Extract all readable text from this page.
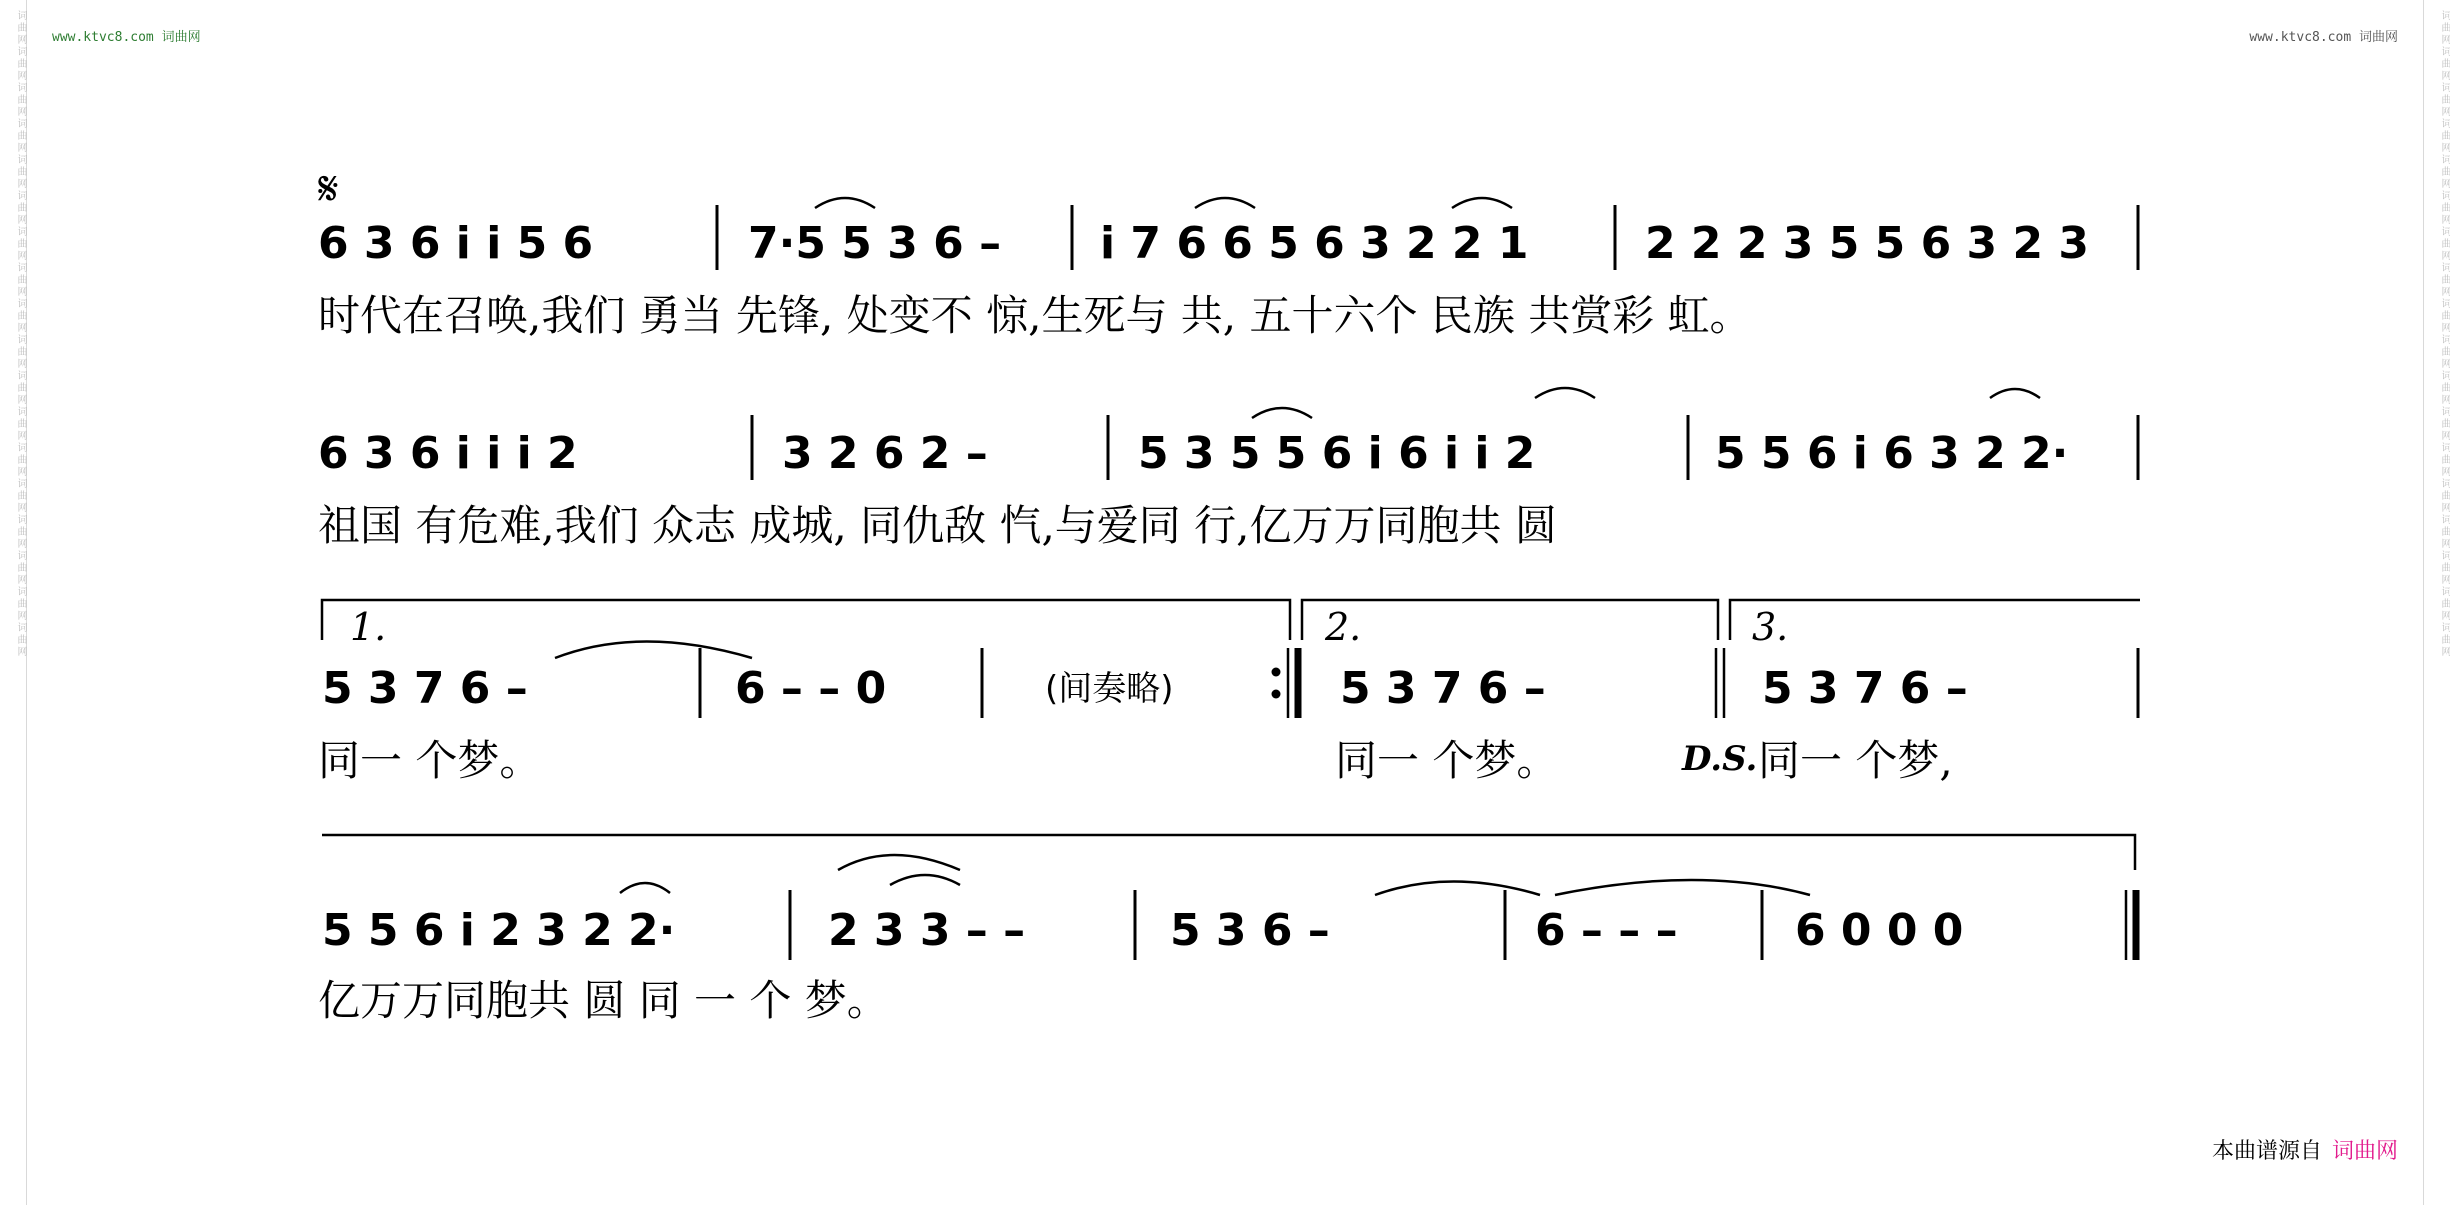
词曲网词曲网词曲网词曲网词曲网词曲网词曲网词曲网词曲网词曲网词曲网词曲网词曲网词曲网词曲网词曲网词曲网词曲网	词曲网词曲网词曲网词曲网词曲网词曲网词曲网词曲网词曲网词曲网词曲网词曲网词曲网词曲网词曲网词曲网词曲网词曲网
www.ktvc8.com 词曲网	www.ktvc8.com 词曲网
𝄋
6 3 6 i i 5 6	7·5 5 3 6 – i 7 6 6 5 6 3 2 2 1	2 2 2 3 5 5 6 3 2 3
时代在召唤,我们 勇当 先锋, 处变不 惊,生死与 共, 五十六个 民族 共赏彩 虹。
6 3 6 i i i 2	3 2 6 2 –	5 3 5 5 6 i 6 i i 2	5 5 6 i 6 3 2 2·
祖国 有危难,我们 众志 成城, 同仇敌 忾,与爱同 行,亿万万同胞共 圆
1.	2.	3.
5 3 7 6 –	6 – – 0	(间奏略)	5 3 7 6 –	5 3 7 6 –
同一 个梦。	同一 个梦。	D.S. 同一 个梦,
5 5 6 i 2 3 2 2·	2 3 3 – –	5 3 6 –	6 – – –	6 0 0 0
亿万万同胞共 圆 同 一 个 梦。
本曲谱源自 词曲网
